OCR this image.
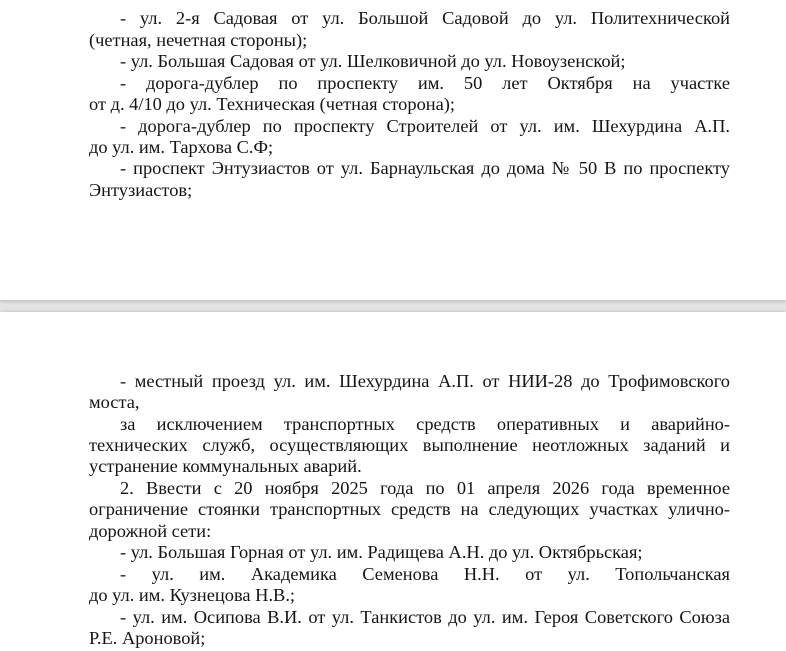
- ул. 2-я Садовая от ул. Большой Садовой до ул. Политехнической
(четная, нечетная стороны);
- ул. Большая Садовая от ул. Шелковичной до ул. Новоузенской;
- дорога-дублер по проспекту им. 50 лет Октября на участке
от д. 4/10 до ул. Техническая (четная сторона);
- дорога-дублер по проспекту Строителей от ул. им. Шехурдина А.П.
до ул. им. Тархова С.Ф;
- проспект Энтузиастов от ул. Барнаульская до дома № 50 В по проспекту
Энтузиастов;
- местный проезд ул. им. Шехурдина А.П. от НИИ-28 до Трофимовского
моста,
за исключением транспортных средств оперативных и аварийно-
технических служб, осуществляющих выполнение неотложных заданий и
устранение коммунальных аварий.
2. Ввести с 20 ноября 2025 года по 01 апреля 2026 года временное
ограничение стоянки транспортных средств на следующих участках улично-
дорожной сети:
- ул. Большая Горная от ул. им. Радищева А.Н. до ул. Октябрьская;
- ул. им. Академика Семенова Н.Н. от ул. Топольчанская
до ул. им. Кузнецова Н.В.;
- ул. им. Осипова В.И. от ул. Танкистов до ул. им. Героя Советского Союза
Р.Е. Ароновой;
